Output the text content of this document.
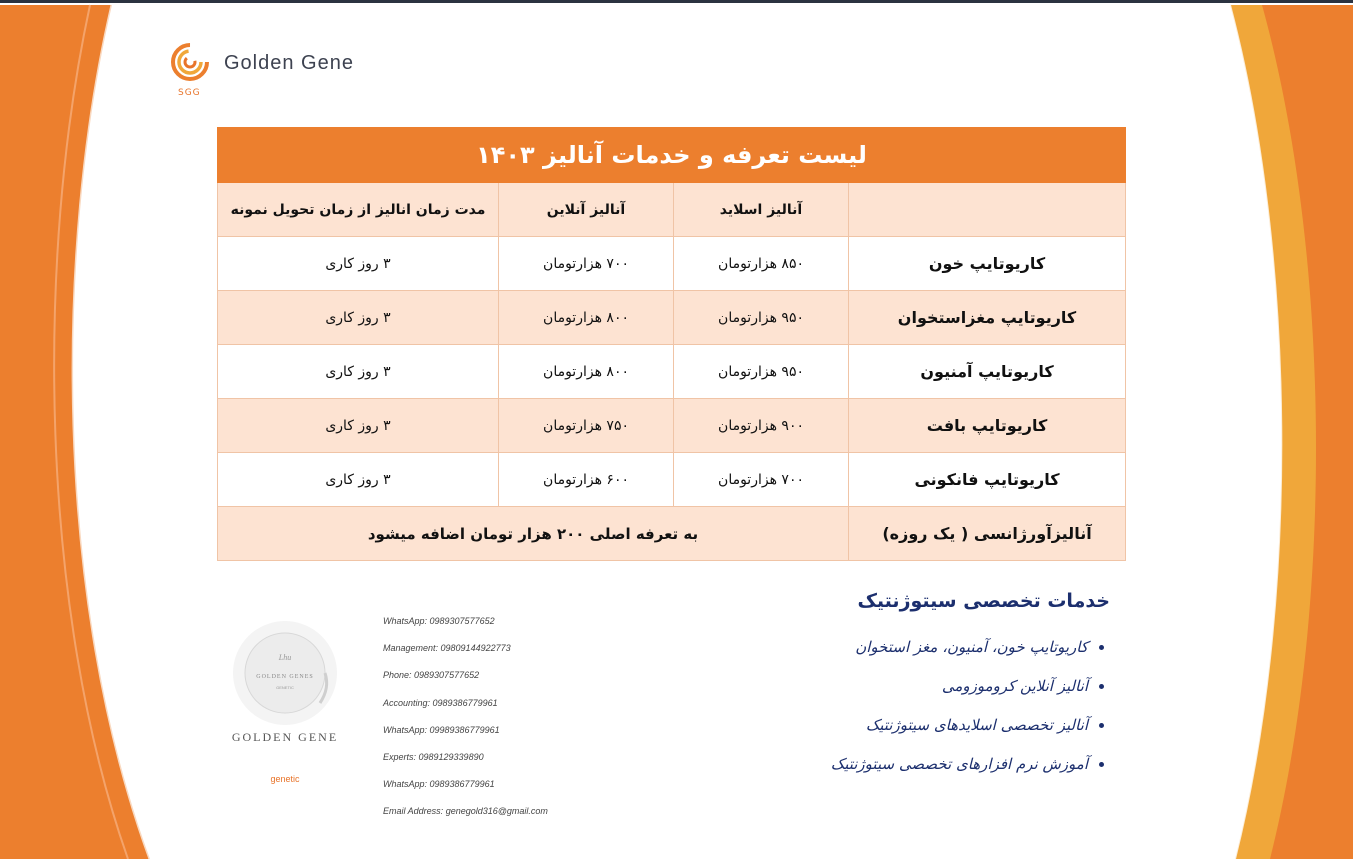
SGG
Golden Gene
لیست تعرفه و خدمات آنالیز ۱۴۰۳			
	آنالیز اسلاید	آنالیز آنلاین	مدت زمان انالیز از زمان تحویل نمونه
کاریوتایپ خون	۸۵۰ هزارتومان	۷۰۰ هزارتومان	۳ روز کاری
کاریوتایپ مغزاستخوان	۹۵۰ هزارتومان	۸۰۰ هزارتومان	۳ روز کاری
کاریوتایپ آمنیون	۹۵۰ هزارتومان	۸۰۰ هزارتومان	۳ روز کاری
کاریوتایپ بافت	۹۰۰ هزارتومان	۷۵۰ هزارتومان	۳ روز کاری
کاریوتایپ فانکونی	۷۰۰ هزارتومان	۶۰۰ هزارتومان	۳ روز کاری
آنالیزآورژانسی ( یک روزه)	به تعرفه اصلی ۲۰۰ هزار تومان اضافه میشود		
خدمات تخصصی سیتوژنتیک
• کاریوتایپ خون، آمنیون، مغز استخوان
• آنالیز آنلاین کروموزومی
• آنالیز تخصصی اسلایدهای سیتوژنتیک
• آموزش نرم افزارهای تخصصی سیتوژنتیک
WhatsApp: 0989307577652
Management: 09809144922773
Phone: 0989307577652
Accounting: 0989386779961
WhatsApp: 09989386779961
Experts: 0989129339890
WhatsApp: 0989386779961
Email Address: genegold316@gmail.com
Lhu
GOLDEN GENES
GENETIC
GOLDEN GENE
genetic
